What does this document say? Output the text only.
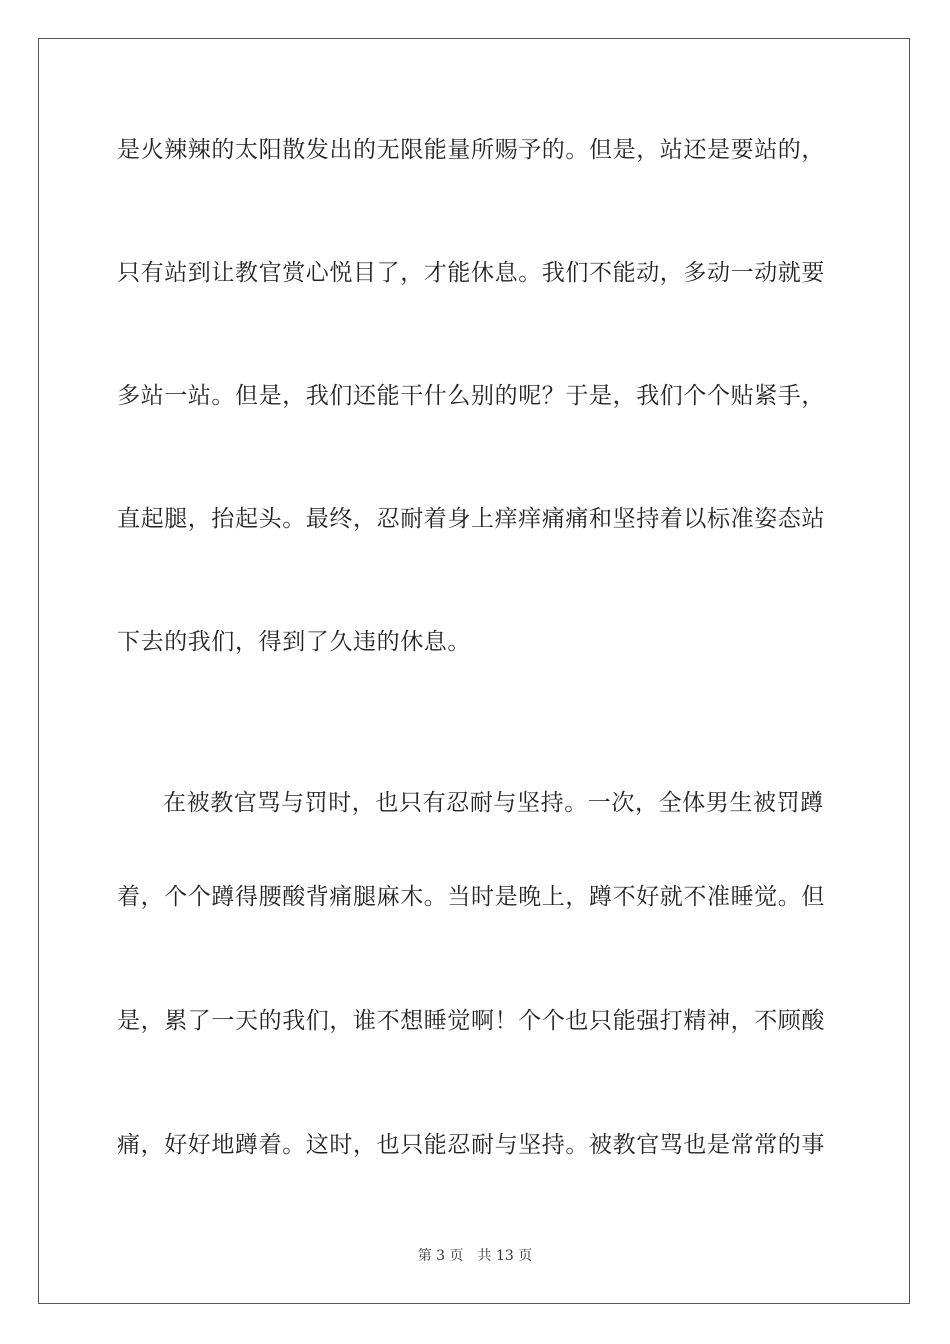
是火辣辣的太阳散发出的无限能量所赐予的。但是，站还是要站的，
只有站到让教官赏心悦目了，才能休息。我们不能动，多动一动就要
多站一站。但是，我们还能干什么别的呢？于是，我们个个贴紧手，
直起腿，抬起头。最终，忍耐着身上痒痒痛痛和坚持着以标准姿态站
下去的我们，得到了久违的休息。
在被教官骂与罚时，也只有忍耐与坚持。一次，全体男生被罚蹲
着，个个蹲得腰酸背痛腿麻木。当时是晚上，蹲不好就不准睡觉。但
是，累了一天的我们，谁不想睡觉啊！个个也只能强打精神，不顾酸
痛，好好地蹲着。这时，也只能忍耐与坚持。被教官骂也是常常的事
第 3 页　共 13 页
